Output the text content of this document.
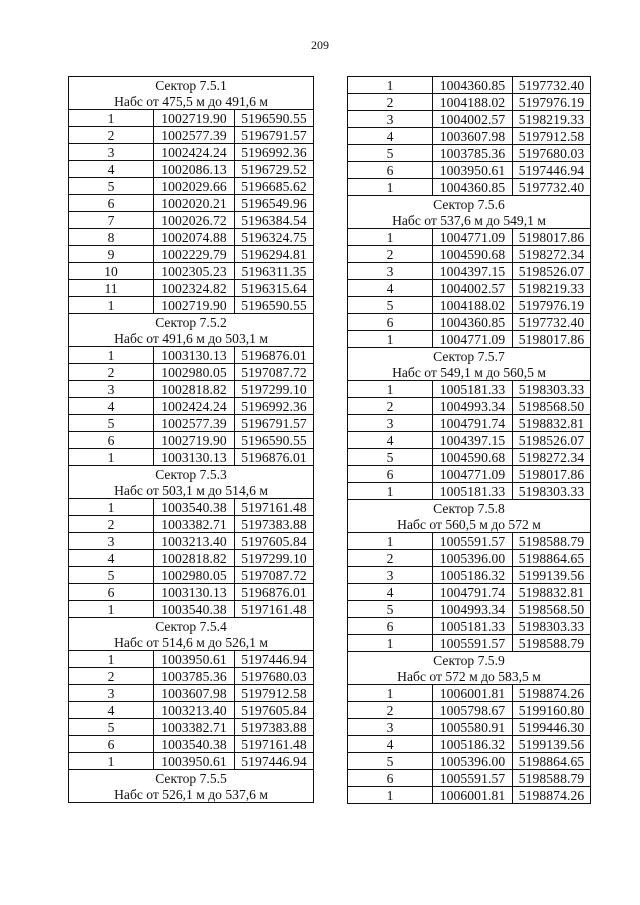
209
Сектор 7.5.1		
Набс от 475,5 м до 491,6 м		
1	1002719.90	5196590.55
2	1002577.39	5196791.57
3	1002424.24	5196992.36
4	1002086.13	5196729.52
5	1002029.66	5196685.62
6	1002020.21	5196549.96
7	1002026.72	5196384.54
8	1002074.88	5196324.75
9	1002229.79	5196294.81
10	1002305.23	5196311.35
11	1002324.82	5196315.64
1	1002719.90	5196590.55
Сектор 7.5.2		
Набс от 491,6 м до 503,1 м		
1	1003130.13	5196876.01
2	1002980.05	5197087.72
3	1002818.82	5197299.10
4	1002424.24	5196992.36
5	1002577.39	5196791.57
6	1002719.90	5196590.55
1	1003130.13	5196876.01
Сектор 7.5.3		
Набс от 503,1 м до 514,6 м		
1	1003540.38	5197161.48
2	1003382.71	5197383.88
3	1003213.40	5197605.84
4	1002818.82	5197299.10
5	1002980.05	5197087.72
6	1003130.13	5196876.01
1	1003540.38	5197161.48
Сектор 7.5.4		
Набс от 514,6 м до 526,1 м		
1	1003950.61	5197446.94
2	1003785.36	5197680.03
3	1003607.98	5197912.58
4	1003213.40	5197605.84
5	1003382.71	5197383.88
6	1003540.38	5197161.48
1	1003950.61	5197446.94
Сектор 7.5.5		
Набс от 526,1 м до 537,6 м		
1	1004360.85	5197732.40
2	1004188.02	5197976.19
3	1004002.57	5198219.33
4	1003607.98	5197912.58
5	1003785.36	5197680.03
6	1003950.61	5197446.94
1	1004360.85	5197732.40
Сектор 7.5.6		
Набс от 537,6 м до 549,1 м		
1	1004771.09	5198017.86
2	1004590.68	5198272.34
3	1004397.15	5198526.07
4	1004002.57	5198219.33
5	1004188.02	5197976.19
6	1004360.85	5197732.40
1	1004771.09	5198017.86
Сектор 7.5.7		
Набс от 549,1 м до 560,5 м		
1	1005181.33	5198303.33
2	1004993.34	5198568.50
3	1004791.74	5198832.81
4	1004397.15	5198526.07
5	1004590.68	5198272.34
6	1004771.09	5198017.86
1	1005181.33	5198303.33
Сектор 7.5.8		
Набс от 560,5 м до 572 м		
1	1005591.57	5198588.79
2	1005396.00	5198864.65
3	1005186.32	5199139.56
4	1004791.74	5198832.81
5	1004993.34	5198568.50
6	1005181.33	5198303.33
1	1005591.57	5198588.79
Сектор 7.5.9		
Набс от 572 м до 583,5 м		
1	1006001.81	5198874.26
2	1005798.67	5199160.80
3	1005580.91	5199446.30
4	1005186.32	5199139.56
5	1005396.00	5198864.65
6	1005591.57	5198588.79
1	1006001.81	5198874.26
